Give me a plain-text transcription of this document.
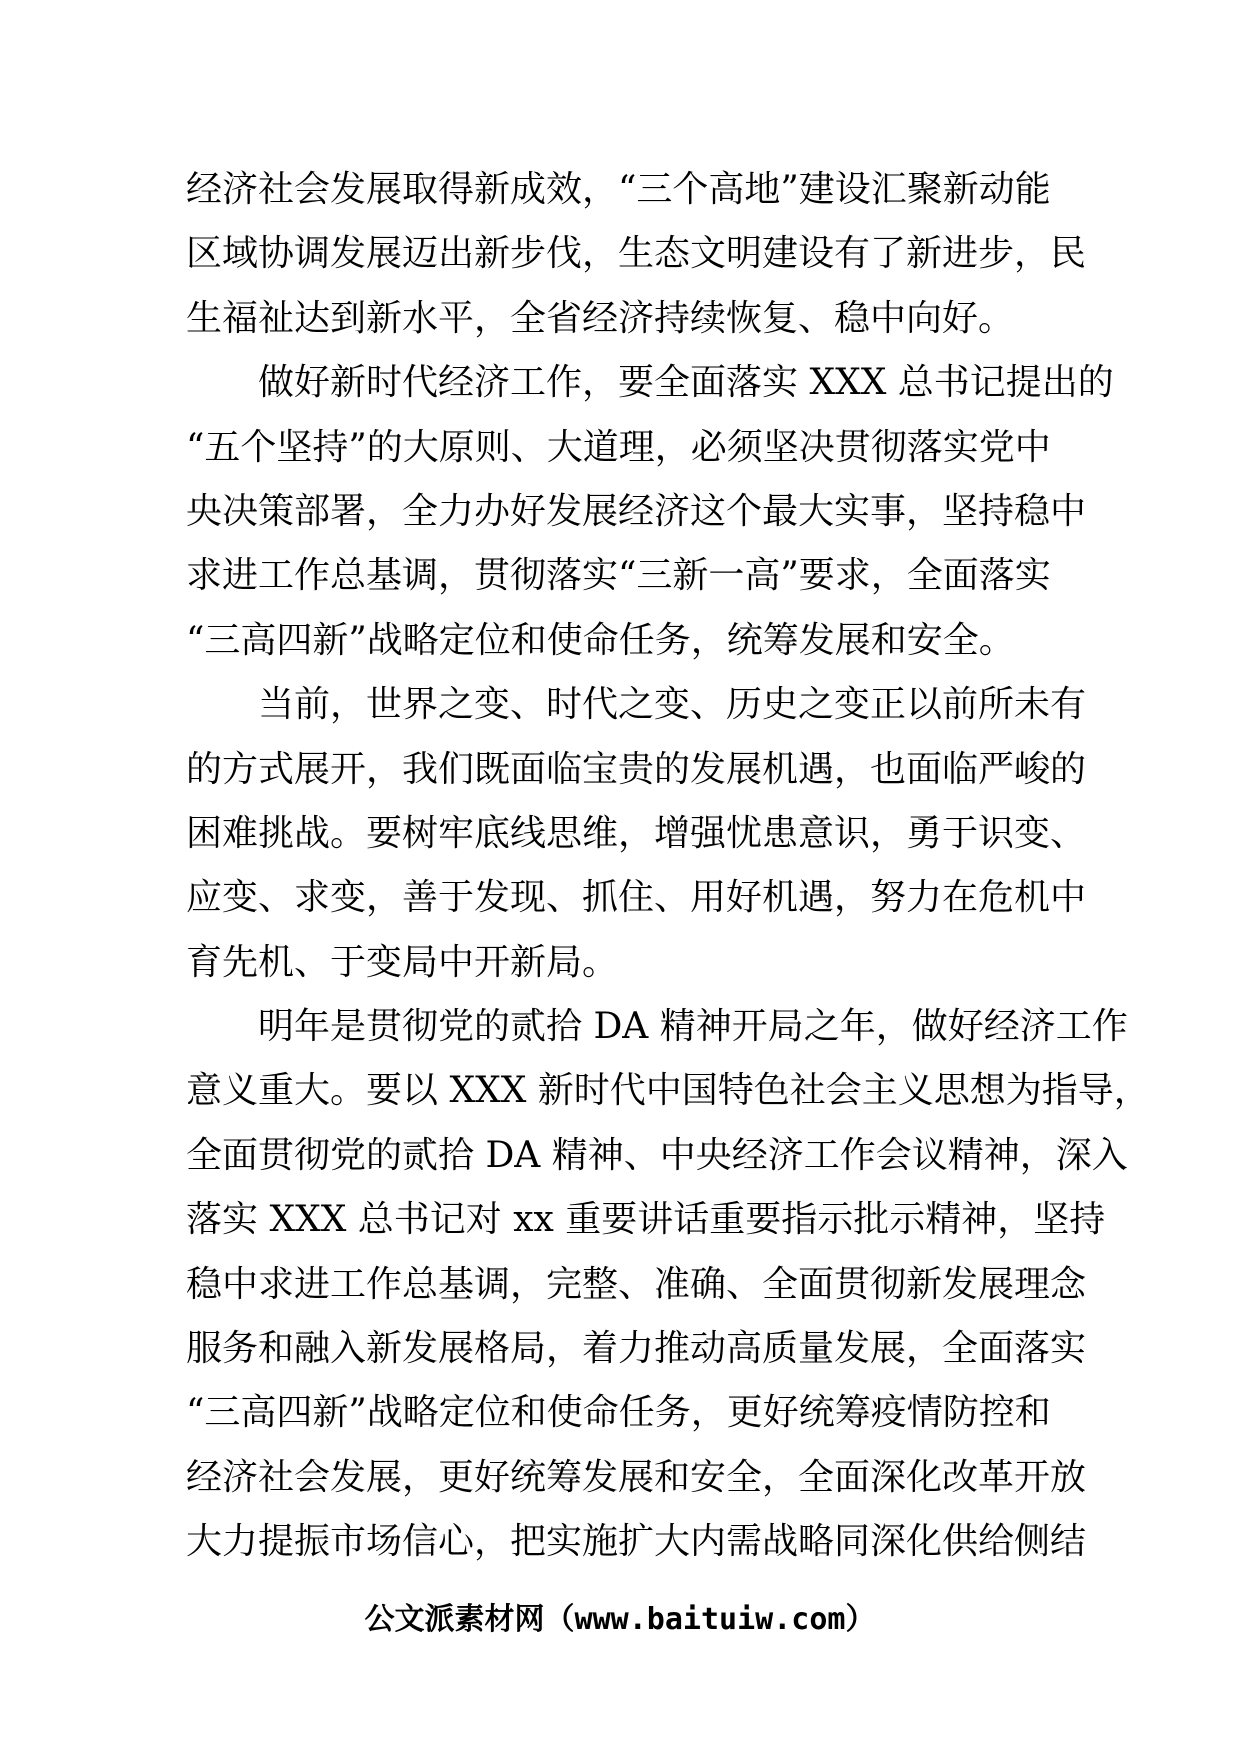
经济社会发展取得新成效，“三个高地”建设汇聚新动能
区域协调发展迈出新步伐，生态文明建设有了新进步，民
生福祉达到新水平，全省经济持续恢复、稳中向好。
做好新时代经济工作，要全面落实 XXX 总书记提出的
“五个坚持”的大原则、大道理，必须坚决贯彻落实党中
央决策部署，全力办好发展经济这个最大实事，坚持稳中
求进工作总基调，贯彻落实“三新一高”要求，全面落实
“三高四新”战略定位和使命任务，统筹发展和安全。
当前，世界之变、时代之变、历史之变正以前所未有
的方式展开，我们既面临宝贵的发展机遇，也面临严峻的
困难挑战。要树牢底线思维，增强忧患意识，勇于识变、
应变、求变，善于发现、抓住、用好机遇，努力在危机中
育先机、于变局中开新局。
明年是贯彻党的贰拾 DA 精神开局之年，做好经济工作
意义重大。要以 XXX 新时代中国特色社会主义思想为指导，
全面贯彻党的贰拾 DA 精神、中央经济工作会议精神，深入
落实 XXX 总书记对 xx 重要讲话重要指示批示精神，坚持
稳中求进工作总基调，完整、准确、全面贯彻新发展理念
服务和融入新发展格局，着力推动高质量发展，全面落实
“三高四新”战略定位和使命任务，更好统筹疫情防控和
经济社会发展，更好统筹发展和安全，全面深化改革开放
大力提振市场信心，把实施扩大内需战略同深化供给侧结
公文派素材网（www.baituiw.com）
